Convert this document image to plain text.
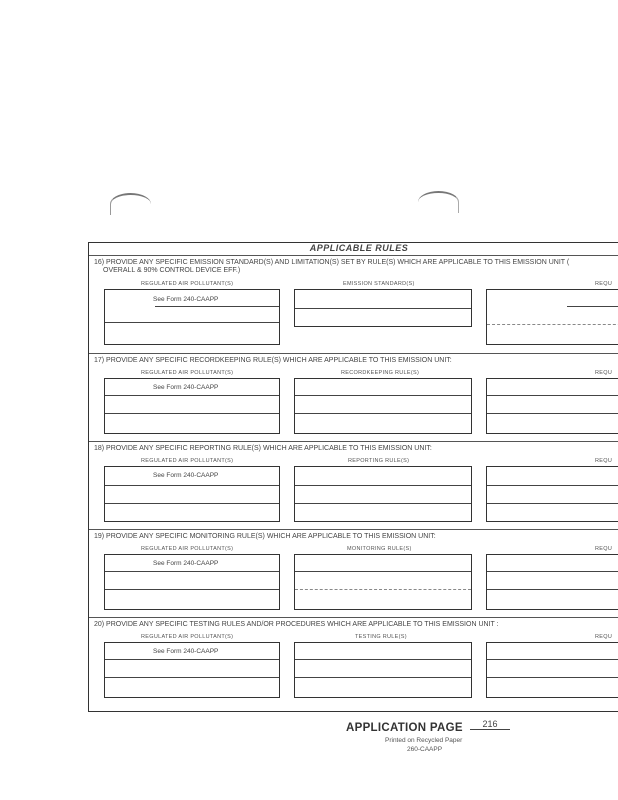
APPLICABLE RULES
16) PROVIDE ANY SPECIFIC EMISSION STANDARD(S) AND LIMITATION(S) SET BY RULE(S) WHICH ARE APPLICABLE TO THIS EMISSION UNIT (
OVERALL & 90% CONTROL DEVICE EFF.)
REGULATED AIR POLLUTANT(S)	EMISSION STANDARD(S)	REQU
See Form 240-CAAPP
17) PROVIDE ANY SPECIFIC RECORDKEEPING RULE(S) WHICH ARE APPLICABLE TO THIS EMISSION UNIT:
REGULATED AIR POLLUTANT(S)	RECORDKEEPING RULE(S)	REQU
See Form 240-CAAPP
18) PROVIDE ANY SPECIFIC REPORTING RULE(S) WHICH ARE APPLICABLE TO THIS EMISSION UNIT:
REGULATED AIR POLLUTANT(S)	REPORTING RULE(S)	REQU
See Form 240-CAAPP
19) PROVIDE ANY SPECIFIC MONITORING RULE(S) WHICH ARE APPLICABLE TO THIS EMISSION UNIT:
REGULATED AIR POLLUTANT(S)	MONITORING RULE(S)	REQU
See Form 240-CAAPP
20) PROVIDE ANY SPECIFIC TESTING RULES AND/OR PROCEDURES WHICH ARE APPLICABLE TO THIS EMISSION UNIT :
REGULATED AIR POLLUTANT(S)	TESTING RULE(S)	REQU
See Form 240-CAAPP
APPLICATION PAGE	216
Printed on Recycled Paper
260-CAAPP
